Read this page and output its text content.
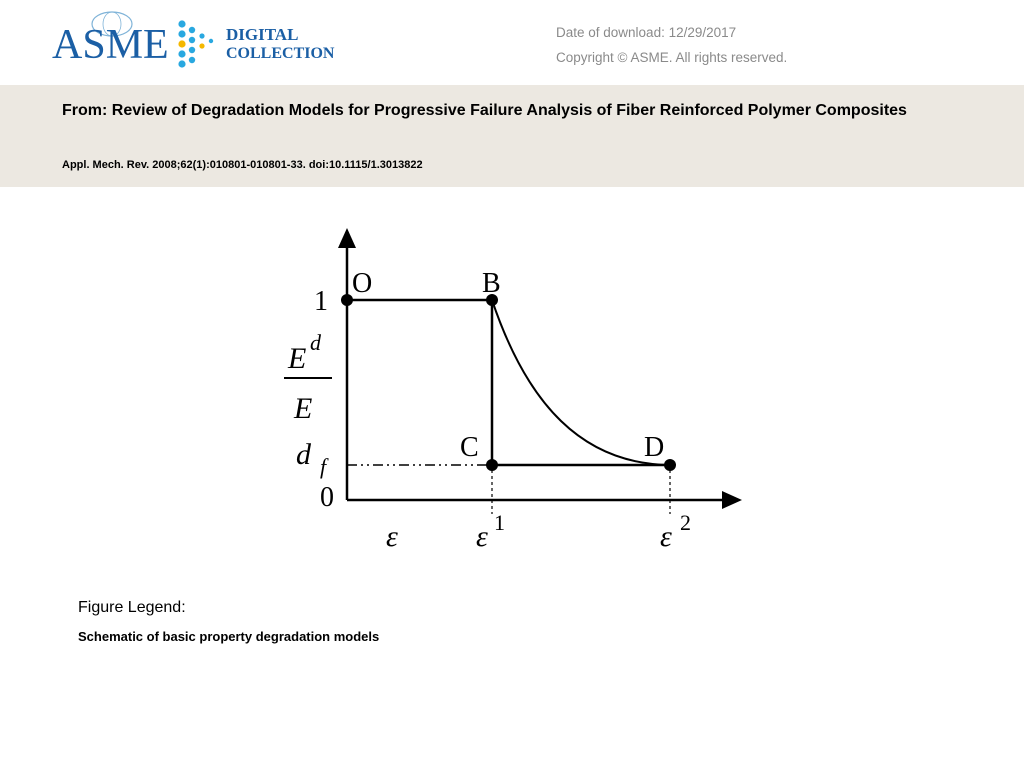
ASME	DIGITAL
COLLECTION
Date of download: 12/29/2017
Copyright © ASME. All rights reserved.

From: Review of Degradation Models for Progressive Failure Analysis of Fiber Reinforced Polymer Composites

Appl. Mech. Rev. 2008;62(1):010801-010801-33. doi:10.1115/1.3013822
O	B
C	D
1
E d
E
d f
0
ε	ε 1	ε 2
Figure Legend:
Schematic of basic property degradation models
